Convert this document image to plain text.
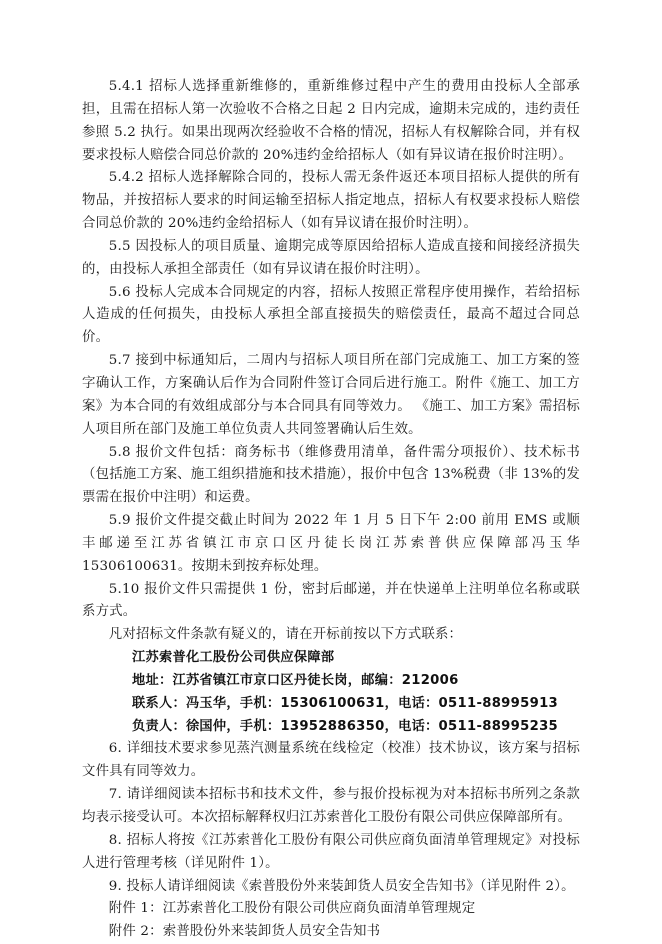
5.4.1 招标人选择重新维修的，重新维修过程中产生的费用由投标人全部承担，且需在招标人第一次验收不合格之日起 2 日内完成，逾期未完成的，违约责任参照 5.2 执行。如果出现两次经验收不合格的情况，招标人有权解除合同，并有权要求投标人赔偿合同总价款的 20%违约金给招标人（如有异议请在报价时注明）。

5.4.2 招标人选择解除合同的，投标人需无条件返还本项目招标人提供的所有物品，并按招标人要求的时间运输至招标人指定地点，招标人有权要求投标人赔偿合同总价款的 20%违约金给招标人（如有异议请在报价时注明）。

5.5 因投标人的项目质量、逾期完成等原因给招标人造成直接和间接经济损失的，由投标人承担全部责任（如有异议请在报价时注明）。

5.6 投标人完成本合同规定的内容，招标人按照正常程序使用操作，若给招标人造成的任何损失，由投标人承担全部直接损失的赔偿责任，最高不超过合同总价。

5.7 接到中标通知后，二周内与招标人项目所在部门完成施工、加工方案的签字确认工作，方案确认后作为合同附件签订合同后进行施工。附件《施工、加工方案》为本合同的有效组成部分与本合同具有同等效力。 《施工、加工方案》需招标人项目所在部门及施工单位负责人共同签署确认后生效。

5.8 报价文件包括：商务标书（维修费用清单，备件需分项报价）、技术标书（包括施工方案、施工组织措施和技术措施），报价中包含 13%税费（非 13%的发票需在报价中注明）和运费。

5.9 报价文件提交截止时间为 2022 年 1 月 5 日下午 2:00 前用 EMS 或顺丰邮递至江苏省镇江市京口区丹徒长岗江苏索普供应保障部冯玉华 15306100631。按期未到按弃标处理。

5.10 报价文件只需提供 1 份，密封后邮递，并在快递单上注明单位名称或联系方式。

凡对招标文件条款有疑义的，请在开标前按以下方式联系：

江苏索普化工股份公司供应保障部

地址：江苏省镇江市京口区丹徒长岗，邮编：212006

联系人：冯玉华，手机：15306100631，电话：0511-88995913

负责人：徐国仲，手机：13952886350，电话：0511-88995235

6. 详细技术要求参见蒸汽测量系统在线检定（校准）技术协议，该方案与招标文件具有同等效力。

7. 请详细阅读本招标书和技术文件，参与报价投标视为对本招标书所列之条款均表示接受认可。本次招标解释权归江苏索普化工股份有限公司供应保障部所有。

8. 招标人将按《江苏索普化工股份有限公司供应商负面清单管理规定》对投标人进行管理考核（详见附件 1）。

9. 投标人请详细阅读《索普股份外来装卸货人员安全告知书》（详见附件 2）。

附件 1：江苏索普化工股份有限公司供应商负面清单管理规定

附件 2：索普股份外来装卸货人员安全告知书
